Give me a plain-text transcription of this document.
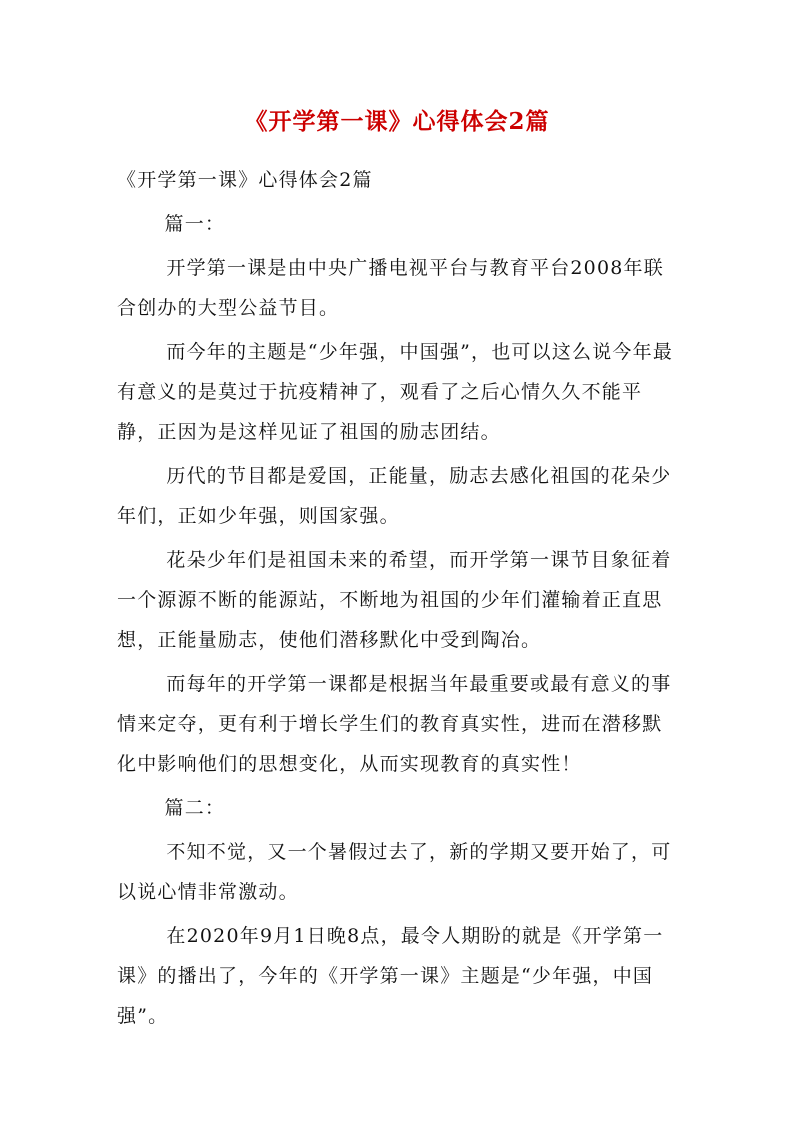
《开学第一课》心得体会2篇

《开学第一课》心得体会2篇

篇一：

开学第一课是由中央广播电视平台与教育平台2008年联合创办的大型公益节目。

而今年的主题是“少年强，中国强”，也可以这么说今年最有意义的是莫过于抗疫精神了，观看了之后心情久久不能平静，正因为是这样见证了祖国的励志团结。

历代的节目都是爱国，正能量，励志去感化祖国的花朵少年们，正如少年强，则国家强。

花朵少年们是祖国未来的希望，而开学第一课节目象征着一个源源不断的能源站，不断地为祖国的少年们灌输着正直思想，正能量励志，使他们潜移默化中受到陶冶。

而每年的开学第一课都是根据当年最重要或最有意义的事情来定夺，更有利于增长学生们的教育真实性，进而在潜移默化中影响他们的思想变化，从而实现教育的真实性！

篇二：

不知不觉，又一个暑假过去了，新的学期又要开始了，可以说心情非常激动。

在2020年9月1日晚8点，最令人期盼的就是《开学第一课》的播出了，今年的《开学第一课》主题是“少年强，中国强”。
